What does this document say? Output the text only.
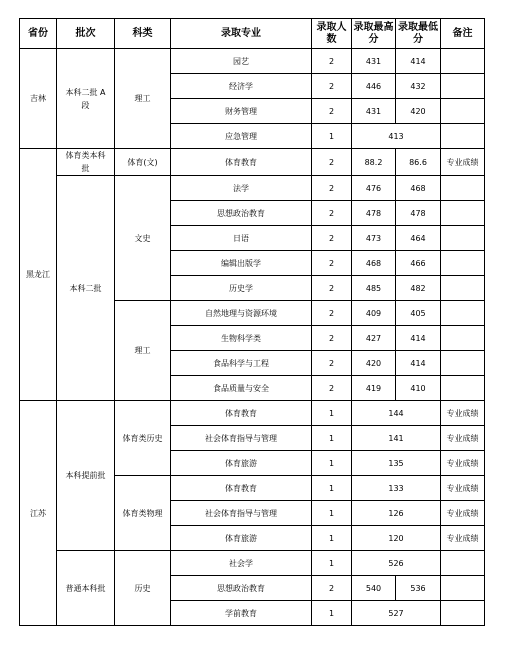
省份	批次	科类	录取专业	录取人数	录取最高分	录取最低分	备注
吉林	本科二批 A 段	理工	园艺	2	431	414	
			经济学	2	446	432	
			财务管理	2	431	420	
			应急管理	1	413		
黑龙江	体育类本科批	体育(文)	体育教育	2	88.2	86.6	专业成绩
	本科二批	文史	法学	2	476	468	
			思想政治教育	2	478	478	
			日语	2	473	464	
			编辑出版学	2	468	466	
			历史学	2	485	482	
		理工	自然地理与资源环境	2	409	405	
			生物科学类	2	427	414	
			食品科学与工程	2	420	414	
			食品质量与安全	2	419	410	
江苏	本科提前批	体育类历史	体育教育	1	144		专业成绩
			社会体育指导与管理	1	141		专业成绩
			体育旅游	1	135		专业成绩
		体育类物理	体育教育	1	133		专业成绩
			社会体育指导与管理	1	126		专业成绩
			体育旅游	1	120		专业成绩
	普通本科批	历史	社会学	1	526		
			思想政治教育	2	540	536	
			学前教育	1	527		
